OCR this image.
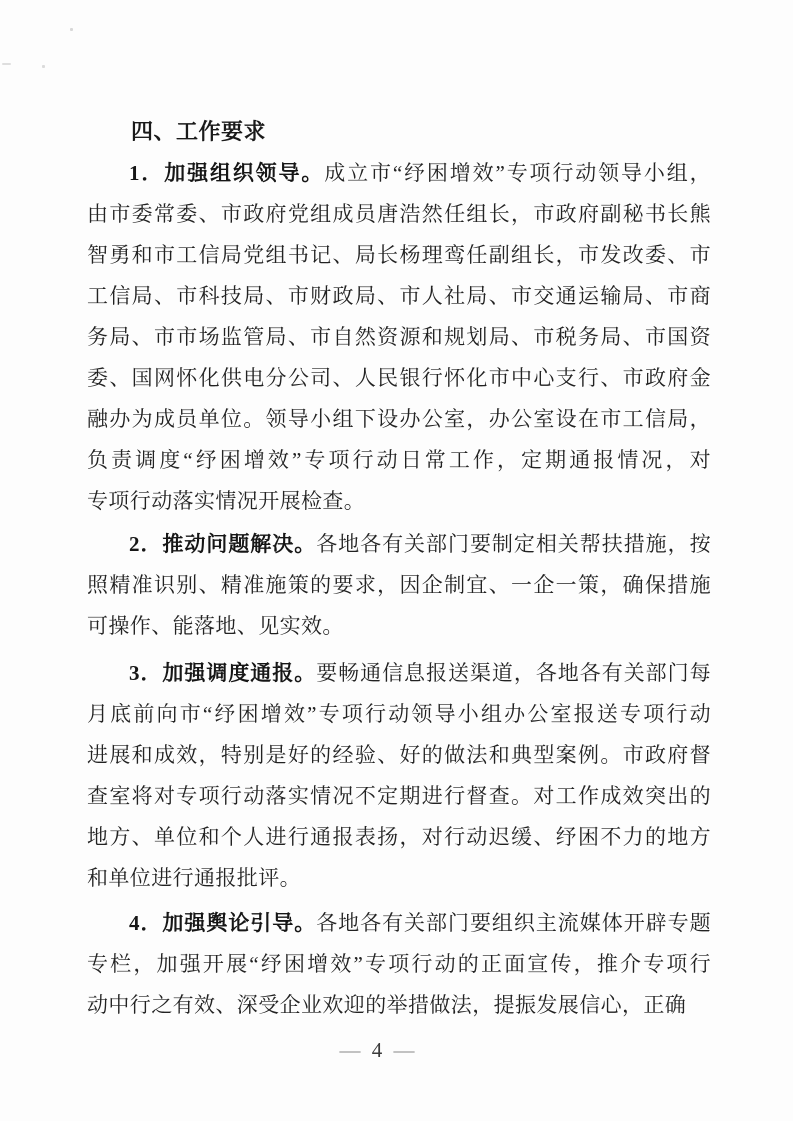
四、工作要求
1．加强组织领导。成立市“纾困增效”专项行动领导小组，
由市委常委、市政府党组成员唐浩然任组长，市政府副秘书长熊
智勇和市工信局党组书记、局长杨理鸾任副组长，市发改委、市
工信局、市科技局、市财政局、市人社局、市交通运输局、市商
务局、市市场监管局、市自然资源和规划局、市税务局、市国资
委、国网怀化供电分公司、人民银行怀化市中心支行、市政府金
融办为成员单位。领导小组下设办公室，办公室设在市工信局，
负责调度“纾困增效”专项行动日常工作，定期通报情况，对
专项行动落实情况开展检查。
2．推动问题解决。各地各有关部门要制定相关帮扶措施，按
照精准识别、精准施策的要求，因企制宜、一企一策，确保措施
可操作、能落地、见实效。
3．加强调度通报。要畅通信息报送渠道，各地各有关部门每
月底前向市“纾困增效”专项行动领导小组办公室报送专项行动
进展和成效，特别是好的经验、好的做法和典型案例。市政府督
查室将对专项行动落实情况不定期进行督查。对工作成效突出的
地方、单位和个人进行通报表扬，对行动迟缓、纾困不力的地方
和单位进行通报批评。
4．加强舆论引导。各地各有关部门要组织主流媒体开辟专题
专栏，加强开展“纾困增效”专项行动的正面宣传，推介专项行
动中行之有效、深受企业欢迎的举措做法，提振发展信心，正确
— 4 —
